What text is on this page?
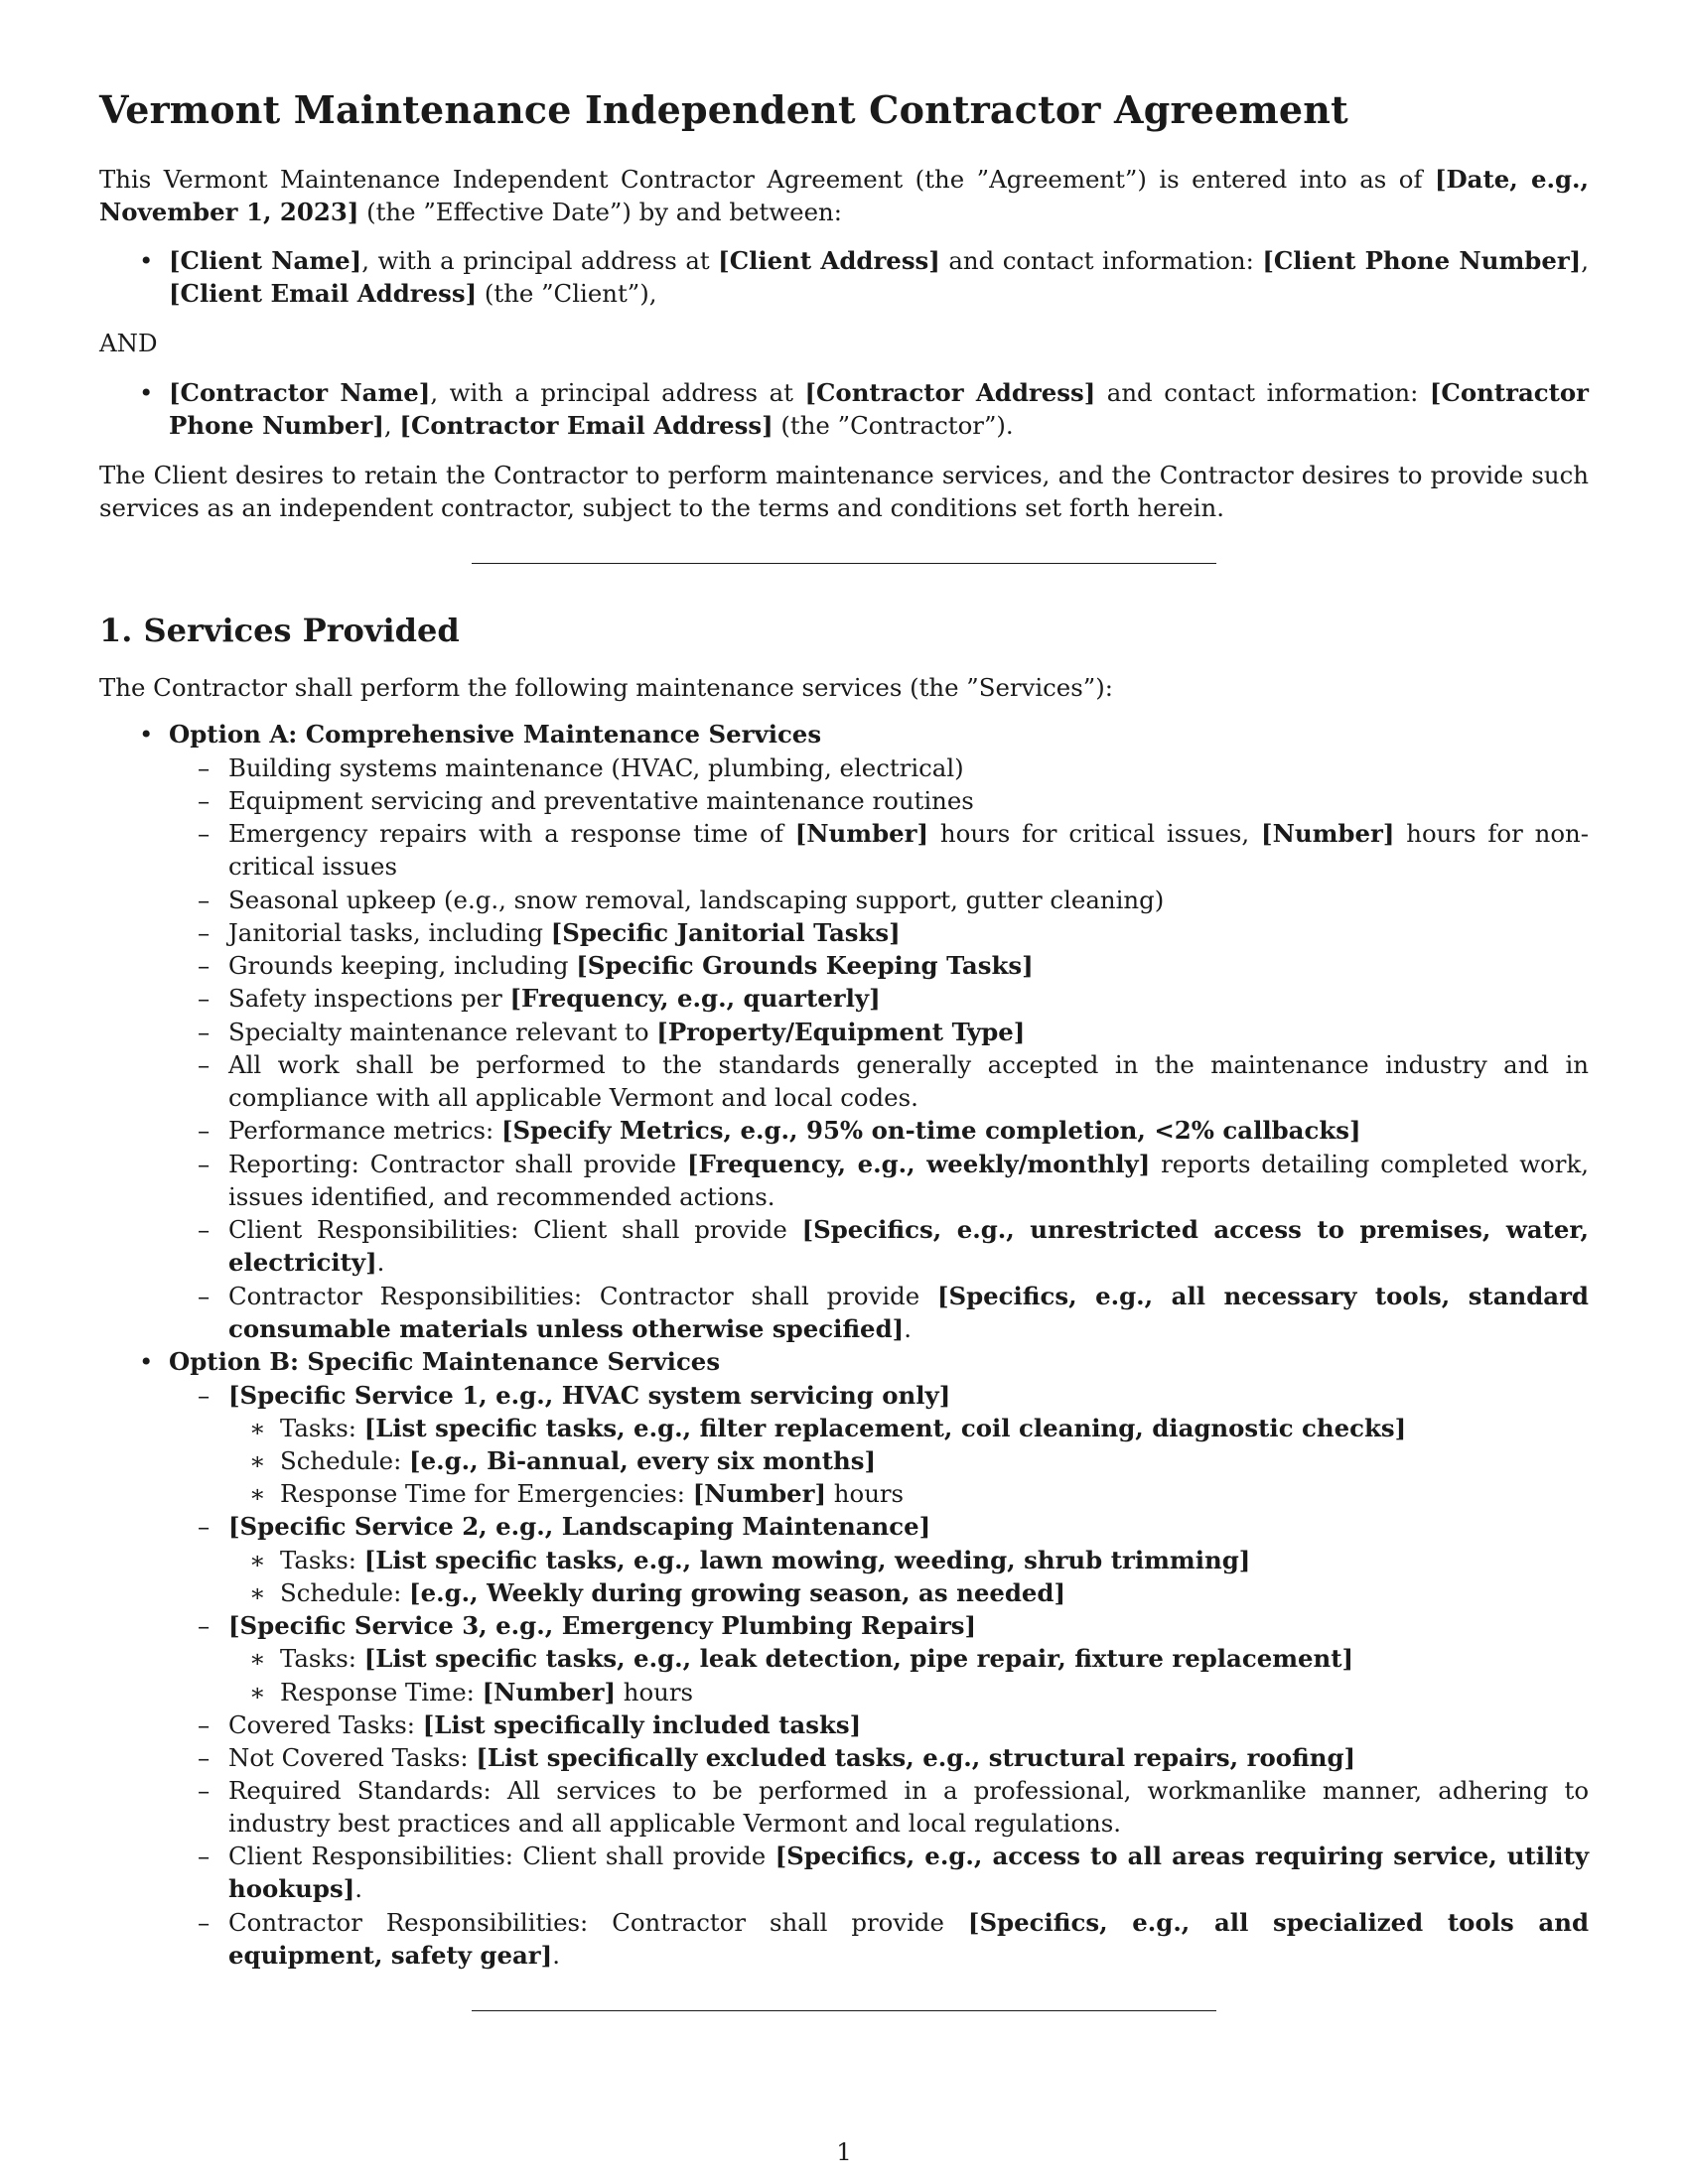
Vermont Maintenance Independent Contractor Agreement

This Vermont Maintenance Independent Contractor Agreement (the ”Agreement”) is entered into as of [Date, e.g., November 1, 2023] (the ”Effective Date”) by and between:

• [Client Name], with a principal address at [Client Address] and contact information: [Client Phone Number], [Client Email Address] (the ”Client”),

AND

• [Contractor Name], with a principal address at [Contractor Address] and contact information: [Contractor Phone Number], [Contractor Email Address] (the ”Contractor”).

The Client desires to retain the Contractor to perform maintenance services, and the Contractor desires to provide such services as an independent contractor, subject to the terms and conditions set forth herein.

1. Services Provided

The Contractor shall perform the following maintenance services (the ”Services”):

• Option A: Comprehensive Maintenance Services
– Building systems maintenance (HVAC, plumbing, electrical)
– Equipment servicing and preventative maintenance routines
– Emergency repairs with a response time of [Number] hours for critical issues, [Number] hours for non-critical issues
– Seasonal upkeep (e.g., snow removal, landscaping support, gutter cleaning)
– Janitorial tasks, including [Specific Janitorial Tasks]
– Grounds keeping, including [Specific Grounds Keeping Tasks]
– Safety inspections per [Frequency, e.g., quarterly]
– Specialty maintenance relevant to [Property/Equipment Type]
– All work shall be performed to the standards generally accepted in the maintenance industry and in compliance with all applicable Vermont and local codes.
– Performance metrics: [Specify Metrics, e.g., 95% on-time completion, <2% callbacks]
– Reporting: Contractor shall provide [Frequency, e.g., weekly/monthly] reports detailing completed work, issues identified, and recommended actions.
– Client Responsibilities: Client shall provide [Specifics, e.g., unrestricted access to premises, water, electricity].
– Contractor Responsibilities: Contractor shall provide [Specifics, e.g., all necessary tools, standard consumable materials unless otherwise specified].
• Option B: Specific Maintenance Services
– [Specific Service 1, e.g., HVAC system servicing only]
∗ Tasks: [List specific tasks, e.g., filter replacement, coil cleaning, diagnostic checks]
∗ Schedule: [e.g., Bi-annual, every six months]
∗ Response Time for Emergencies: [Number] hours
– [Specific Service 2, e.g., Landscaping Maintenance]
∗ Tasks: [List specific tasks, e.g., lawn mowing, weeding, shrub trimming]
∗ Schedule: [e.g., Weekly during growing season, as needed]
– [Specific Service 3, e.g., Emergency Plumbing Repairs]
∗ Tasks: [List specific tasks, e.g., leak detection, pipe repair, fixture replacement]
∗ Response Time: [Number] hours
– Covered Tasks: [List specifically included tasks]
– Not Covered Tasks: [List specifically excluded tasks, e.g., structural repairs, roofing]
– Required Standards: All services to be performed in a professional, workmanlike manner, adhering to industry best practices and all applicable Vermont and local regulations.
– Client Responsibilities: Client shall provide [Specifics, e.g., access to all areas requiring service, utility hookups].
– Contractor Responsibilities: Contractor shall provide [Specifics, e.g., all specialized tools and equipment, safety gear].
1
